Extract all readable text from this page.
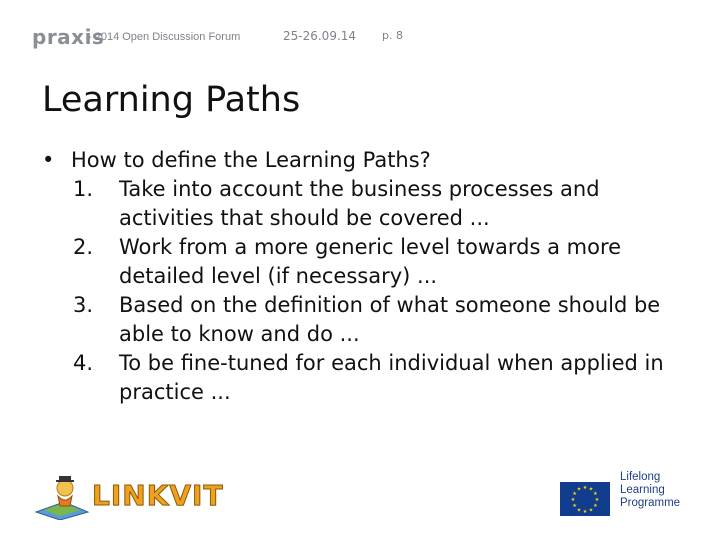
praxis
- 2014 Open Discussion Forum	25-26.09.14 p. 8
Learning Paths
• How to define the Learning Paths?
1. Take into account the business processes and activities that should be covered ...
2. Work from a more generic level towards a more detailed level (if necessary) ...
3. Based on the definition of what someone should be able to know and do ...
4. To be fine-tuned for each individual when applied in practice ...
LINKVIT	★ ★
★
★
★
★
★
★
★
★
★
★
Lifelong
Learning
Programme
